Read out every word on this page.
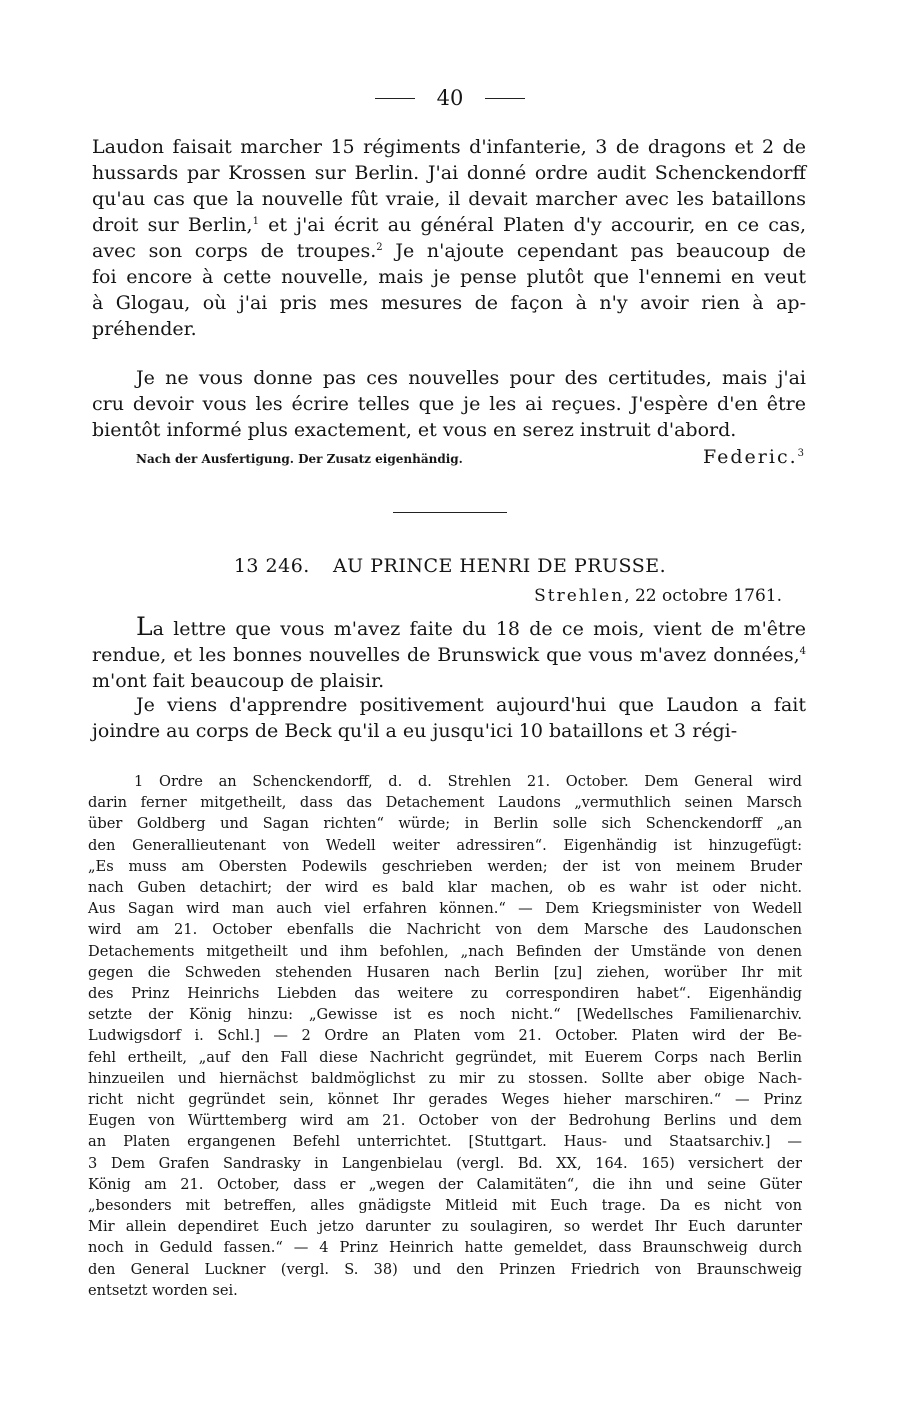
40
Laudon faisait marcher 15 régiments d'infanterie, 3 de dragons et 2 de
hussards par Krossen sur Berlin. J'ai donné ordre audit Schenckendorff
qu'au cas que la nouvelle fût vraie, il devait marcher avec les bataillons
droit sur Berlin,$^1$ et j'ai écrit au général Platen d'y accourir, en ce cas,
avec son corps de troupes.$^2$ Je n'ajoute cependant pas beaucoup de
foi encore à cette nouvelle, mais je pense plutôt que l'ennemi en veut
à Glogau, où j'ai pris mes mesures de façon à n'y avoir rien à ap-
préhender.
Je ne vous donne pas ces nouvelles pour des certitudes, mais j'ai
cru devoir vous les écrire telles que je les ai reçues. J'espère d'en être
bientôt informé plus exactement, et vous en serez instruit d'abord.
Nach der Ausfertigung. Der Zusatz eigenhändig.	Federic.$^3$
13 246. AU PRINCE HENRI DE PRUSSE.
Strehlen, 22 octobre 1761.
La lettre que vous m'avez faite du 18 de ce mois, vient de m'être
rendue, et les bonnes nouvelles de Brunswick que vous m'avez données,$^4$
m'ont fait beaucoup de plaisir.
Je viens d'apprendre positivement aujourd'hui que Laudon a fait
joindre au corps de Beck qu'il a eu jusqu'ici 10 bataillons et 3 régi-
1 Ordre an Schenckendorff, d. d. Strehlen 21. October. Dem General wird
darin ferner mitgetheilt, dass das Detachement Laudons „vermuthlich seinen Marsch
über Goldberg und Sagan richten“ würde; in Berlin solle sich Schenckendorff „an
den Generallieutenant von Wedell weiter adressiren“. Eigenhändig ist hinzugefügt:
„Es muss am Obersten Podewils geschrieben werden; der ist von meinem Bruder
nach Guben detachirt; der wird es bald klar machen, ob es wahr ist oder nicht.
Aus Sagan wird man auch viel erfahren können.“ — Dem Kriegsminister von Wedell
wird am 21. October ebenfalls die Nachricht von dem Marsche des Laudonschen
Detachements mitgetheilt und ihm befohlen, „nach Befinden der Umstände von denen
gegen die Schweden stehenden Husaren nach Berlin [zu] ziehen, worüber Ihr mit
des Prinz Heinrichs Liebden das weitere zu correspondiren habet“. Eigenhändig
setzte der König hinzu: „Gewisse ist es noch nicht.“ [Wedellsches Familienarchiv.
Ludwigsdorf i. Schl.] — 2 Ordre an Platen vom 21. October. Platen wird der Be-
fehl ertheilt, „auf den Fall diese Nachricht gegründet, mit Euerem Corps nach Berlin
hinzueilen und hiernächst baldmöglichst zu mir zu stossen. Sollte aber obige Nach-
richt nicht gegründet sein, könnet Ihr gerades Weges hieher marschiren.“ — Prinz
Eugen von Württemberg wird am 21. October von der Bedrohung Berlins und dem
an Platen ergangenen Befehl unterrichtet. [Stuttgart. Haus- und Staatsarchiv.] —
3 Dem Grafen Sandrasky in Langenbielau (vergl. Bd. XX, 164. 165) versichert der
König am 21. October, dass er „wegen der Calamitäten“, die ihn und seine Güter
„besonders mit betreffen, alles gnädigste Mitleid mit Euch trage. Da es nicht von
Mir allein dependiret Euch jetzo darunter zu soulagiren, so werdet Ihr Euch darunter
noch in Geduld fassen.“ — 4 Prinz Heinrich hatte gemeldet, dass Braunschweig durch
den General Luckner (vergl. S. 38) und den Prinzen Friedrich von Braunschweig
entsetzt worden sei.
